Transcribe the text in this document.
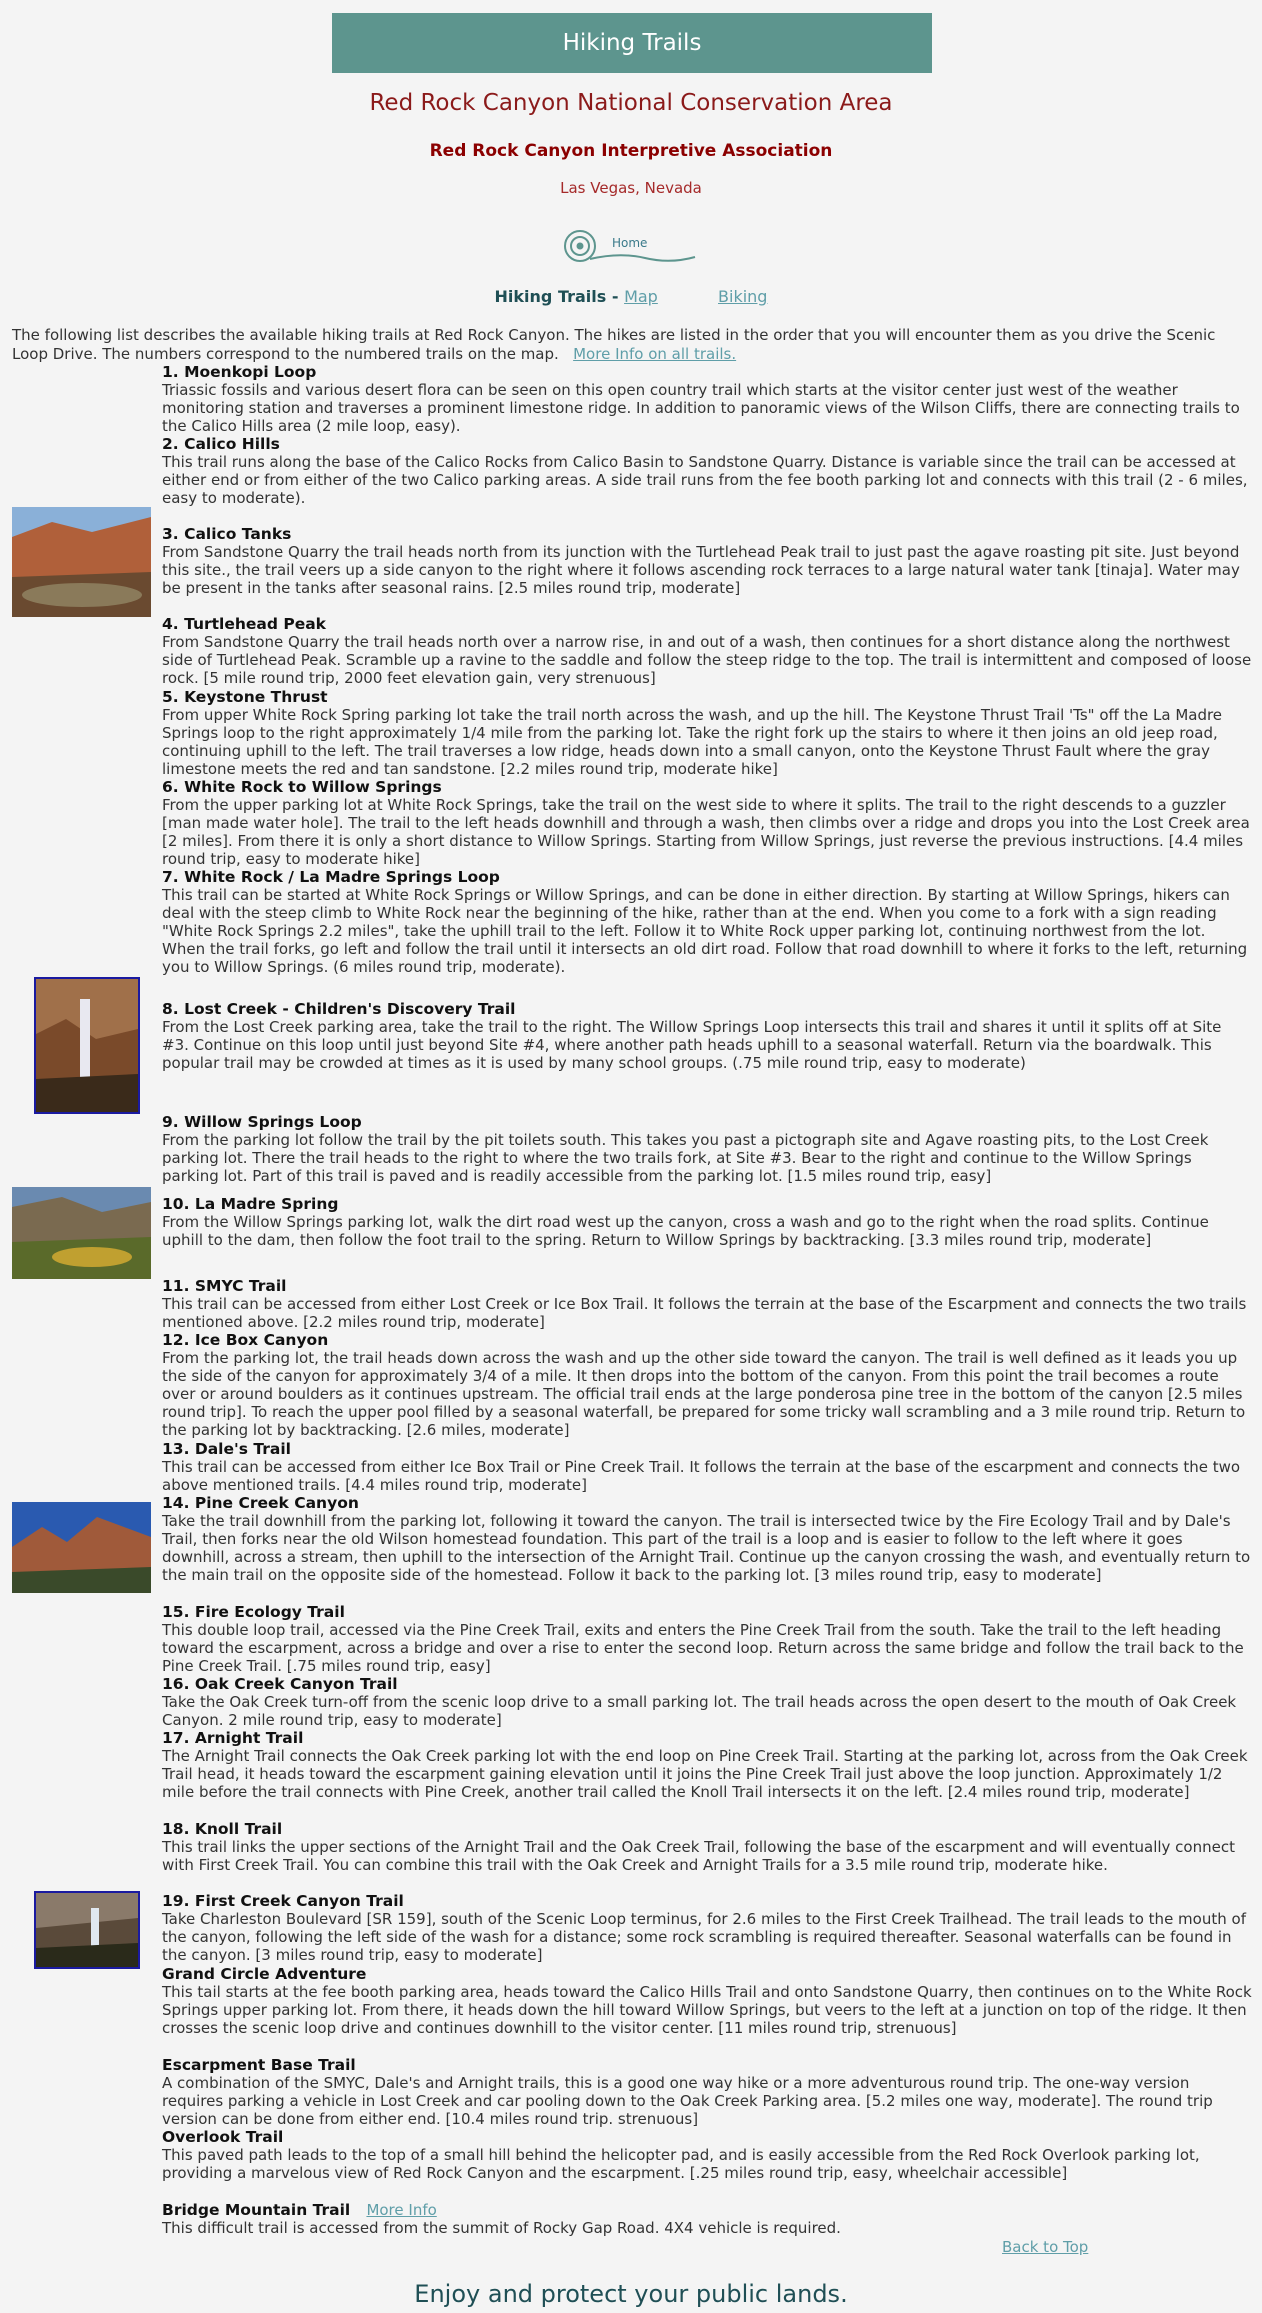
Hiking Trails
Red Rock Canyon National Conservation Area
Red Rock Canyon Interpretive Association
Las Vegas, Nevada
Home
Hiking Trails - Map	Biking
The following list describes the available hiking trails at Red Rock Canyon. The hikes are listed in the order that you will encounter them as you drive the Scenic Loop Drive. The numbers correspond to the numbered trails on the map. More Info on all trails.
1. Moenkopi Loop

Triassic fossils and various desert flora can be seen on this open country trail which starts at the visitor center just west of the weather monitoring station and traverses a prominent limestone ridge. In addition to panoramic views of the Wilson Cliffs, there are connecting trails to the Calico Hills area (2 mile loop, easy).

2. Calico Hills

This trail runs along the base of the Calico Rocks from Calico Basin to Sandstone Quarry. Distance is variable since the trail can be accessed at either end or from either of the two Calico parking areas. A side trail runs from the fee booth parking lot and connects with this trail (2 - 6 miles, easy to moderate).

3. Calico Tanks

From Sandstone Quarry the trail heads north from its junction with the Turtlehead Peak trail to just past the agave roasting pit site. Just beyond this site., the trail veers up a side canyon to the right where it follows ascending rock terraces to a large natural water tank [tinaja]. Water may be present in the tanks after seasonal rains. [2.5 miles round trip, moderate]

4. Turtlehead Peak

From Sandstone Quarry the trail heads north over a narrow rise, in and out of a wash, then continues for a short distance along the northwest side of Turtlehead Peak. Scramble up a ravine to the saddle and follow the steep ridge to the top. The trail is intermittent and composed of loose rock. [5 mile round trip, 2000 feet elevation gain, very strenuous]

5. Keystone Thrust

From upper White Rock Spring parking lot take the trail north across the wash, and up the hill. The Keystone Thrust Trail 'Ts" off the La Madre Springs loop to the right approximately 1/4 mile from the parking lot. Take the right fork up the stairs to where it then joins an old jeep road, continuing uphill to the left. The trail traverses a low ridge, heads down into a small canyon, onto the Keystone Thrust Fault where the gray limestone meets the red and tan sandstone. [2.2 miles round trip, moderate hike]

6. White Rock to Willow Springs

From the upper parking lot at White Rock Springs, take the trail on the west side to where it splits. The trail to the right descends to a guzzler [man made water hole]. The trail to the left heads downhill and through a wash, then climbs over a ridge and drops you into the Lost Creek area [2 miles]. From there it is only a short distance to Willow Springs. Starting from Willow Springs, just reverse the previous instructions. [4.4 miles round trip, easy to moderate hike]

7. White Rock / La Madre Springs Loop

This trail can be started at White Rock Springs or Willow Springs, and can be done in either direction. By starting at Willow Springs, hikers can deal with the steep climb to White Rock near the beginning of the hike, rather than at the end. When you come to a fork with a sign reading "White Rock Springs 2.2 miles", take the uphill trail to the left. Follow it to White Rock upper parking lot, continuing northwest from the lot. When the trail forks, go left and follow the trail until it intersects an old dirt road. Follow that road downhill to where it forks to the left, returning you to Willow Springs. (6 miles round trip, moderate).

8. Lost Creek - Children's Discovery Trail

From the Lost Creek parking area, take the trail to the right. The Willow Springs Loop intersects this trail and shares it until it splits off at Site #3. Continue on this loop until just beyond Site #4, where another path heads uphill to a seasonal waterfall. Return via the boardwalk. This popular trail may be crowded at times as it is used by many school groups. (.75 mile round trip, easy to moderate)

9. Willow Springs Loop

From the parking lot follow the trail by the pit toilets south. This takes you past a pictograph site and Agave roasting pits, to the Lost Creek parking lot. There the trail heads to the right to where the two trails fork, at Site #3. Bear to the right and continue to the Willow Springs parking lot. Part of this trail is paved and is readily accessible from the parking lot. [1.5 miles round trip, easy]

10. La Madre Spring

From the Willow Springs parking lot, walk the dirt road west up the canyon, cross a wash and go to the right when the road splits. Continue uphill to the dam, then follow the foot trail to the spring. Return to Willow Springs by backtracking. [3.3 miles round trip, moderate]

11. SMYC Trail

This trail can be accessed from either Lost Creek or Ice Box Trail. It follows the terrain at the base of the Escarpment and connects the two trails mentioned above. [2.2 miles round trip, moderate]

12. Ice Box Canyon

From the parking lot, the trail heads down across the wash and up the other side toward the canyon. The trail is well defined as it leads you up the side of the canyon for approximately 3/4 of a mile. It then drops into the bottom of the canyon. From this point the trail becomes a route over or around boulders as it continues upstream. The official trail ends at the large ponderosa pine tree in the bottom of the canyon [2.5 miles round trip]. To reach the upper pool filled by a seasonal waterfall, be prepared for some tricky wall scrambling and a 3 mile round trip. Return to the parking lot by backtracking. [2.6 miles, moderate]

13. Dale's Trail

This trail can be accessed from either Ice Box Trail or Pine Creek Trail. It follows the terrain at the base of the escarpment and connects the two above mentioned trails. [4.4 miles round trip, moderate]

14. Pine Creek Canyon

Take the trail downhill from the parking lot, following it toward the canyon. The trail is intersected twice by the Fire Ecology Trail and by Dale's Trail, then forks near the old Wilson homestead foundation. This part of the trail is a loop and is easier to follow to the left where it goes downhill, across a stream, then uphill to the intersection of the Arnight Trail. Continue up the canyon crossing the wash, and eventually return to the main trail on the opposite side of the homestead. Follow it back to the parking lot. [3 miles round trip, easy to moderate]

15. Fire Ecology Trail

This double loop trail, accessed via the Pine Creek Trail, exits and enters the Pine Creek Trail from the south. Take the trail to the left heading toward the escarpment, across a bridge and over a rise to enter the second loop. Return across the same bridge and follow the trail back to the Pine Creek Trail. [.75 miles round trip, easy]

16. Oak Creek Canyon Trail

Take the Oak Creek turn-off from the scenic loop drive to a small parking lot. The trail heads across the open desert to the mouth of Oak Creek Canyon. 2 mile round trip, easy to moderate]

17. Arnight Trail

The Arnight Trail connects the Oak Creek parking lot with the end loop on Pine Creek Trail. Starting at the parking lot, across from the Oak Creek Trail head, it heads toward the escarpment gaining elevation until it joins the Pine Creek Trail just above the loop junction. Approximately 1/2 mile before the trail connects with Pine Creek, another trail called the Knoll Trail intersects it on the left. [2.4 miles round trip, moderate]

18. Knoll Trail

This trail links the upper sections of the Arnight Trail and the Oak Creek Trail, following the base of the escarpment and will eventually connect with First Creek Trail. You can combine this trail with the Oak Creek and Arnight Trails for a 3.5 mile round trip, moderate hike.

19. First Creek Canyon Trail

Take Charleston Boulevard [SR 159], south of the Scenic Loop terminus, for 2.6 miles to the First Creek Trailhead. The trail leads to the mouth of the canyon, following the left side of the wash for a distance; some rock scrambling is required thereafter. Seasonal waterfalls can be found in the canyon. [3 miles round trip, easy to moderate]

Grand Circle Adventure

This tail starts at the fee booth parking area, heads toward the Calico Hills Trail and onto Sandstone Quarry, then continues on to the White Rock Springs upper parking lot. From there, it heads down the hill toward Willow Springs, but veers to the left at a junction on top of the ridge. It then crosses the scenic loop drive and continues downhill to the visitor center. [11 miles round trip, strenuous]

Escarpment Base Trail

A combination of the SMYC, Dale's and Arnight trails, this is a good one way hike or a more adventurous round trip. The one-way version requires parking a vehicle in Lost Creek and car pooling down to the Oak Creek Parking area. [5.2 miles one way, moderate]. The round trip version can be done from either end. [10.4 miles round trip. strenuous]

Overlook Trail

This paved path leads to the top of a small hill behind the helicopter pad, and is easily accessible from the Red Rock Overlook parking lot, providing a marvelous view of Red Rock Canyon and the escarpment. [.25 miles round trip, easy, wheelchair accessible]

Bridge Mountain Trail More Info

This difficult trail is accessed from the summit of Rocky Gap Road. 4X4 vehicle is required.

Back to Top
Enjoy and protect your public lands.
